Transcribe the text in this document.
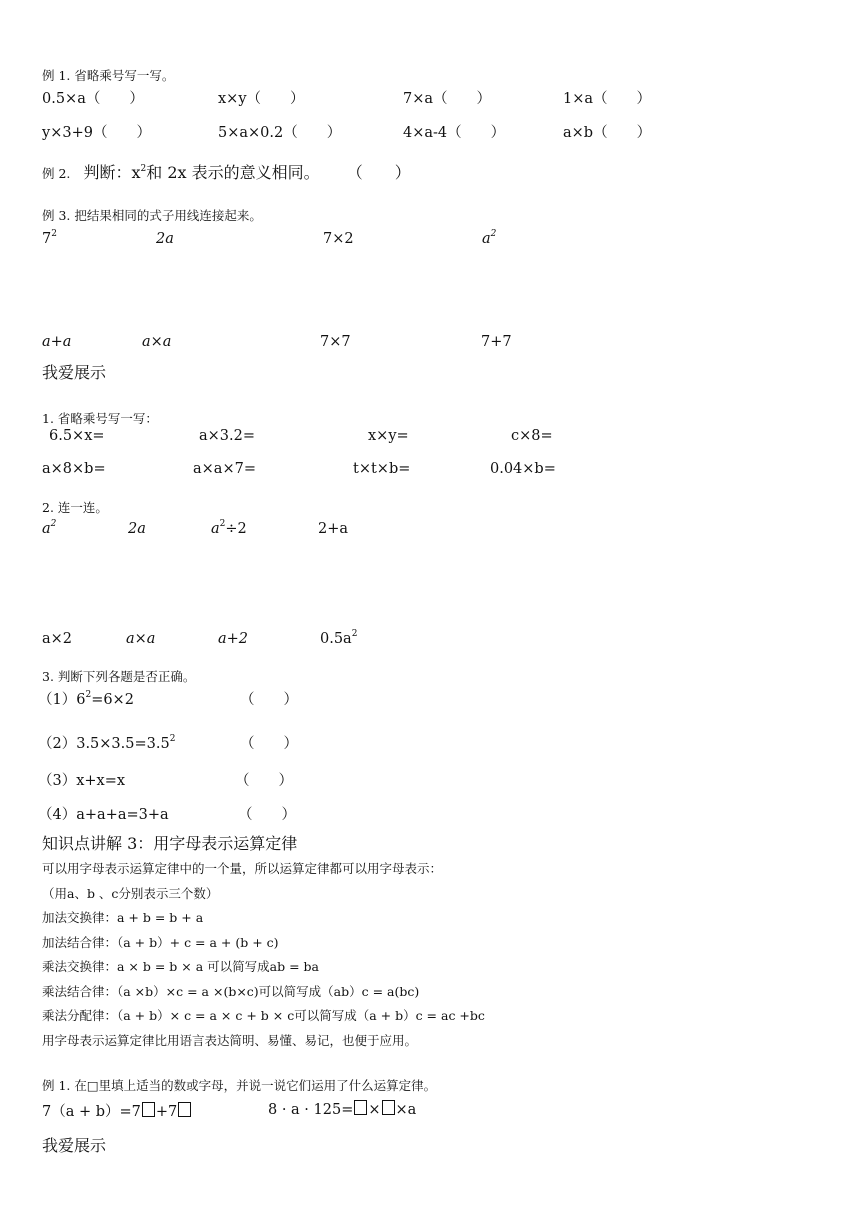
例 1. 省略乘号写一写。
0.5×a（　　）	x×y（　　）	7×a（　　）	1×a（　　）
y×3+9（　　）	5×a×0.2（　　）	4×a-4（　　）	a×b（　　）
例 2. 判断：$x^2$和 2x 表示的意义相同。 （　　）
例 3. 把结果相同的式子用线连接起来。
$7^2$	2a	7×2	$a^2$
a+a	a×a	7×7	7+7
我爱展示
1. 省略乘号写一写：
6.5×x=	a×3.2=	x×y=	c×8=
a×8×b=	a×a×7=	t×t×b=	0.04×b=
2. 连一连。
$a^2$	2a	$a^2\div 2$	2+a
a×2	a×a	a+2	$0.5a^2$
3. 判断下列各题是否正确。
$(1)6^2=6\times 2$	（　　）
$(2)3.5\times 3.5=3.5^2$	（　　）
（3）x+x=x	（　　）
（4）a+a+a=3+a	（　　）
知识点讲解 3：用字母表示运算定律
可以用字母表示运算定律中的一个量，所以运算定律都可以用字母表示：
（用a、b 、c分别表示三个数）
加法交换律：a + b = b + a
加法结合律：（a + b）+ c = a + (b + c)
乘法交换律：a × b = b × a 可以简写成ab = ba
乘法结合律：（a ×b）×c = a ×(b×c)可以简写成（ab）c = a(bc)
乘法分配律：（a + b）× c = a × c + b × c可以简写成（a + b）c = ac +bc
用字母表示运算定律比用语言表达简明、易懂、易记，也便于应用。
例 1. 在□里填上适当的数或字母，并说一说它们运用了什么运算定律。
7（a + b）=7 +7	8 · a · 125= × ×a
我爱展示
